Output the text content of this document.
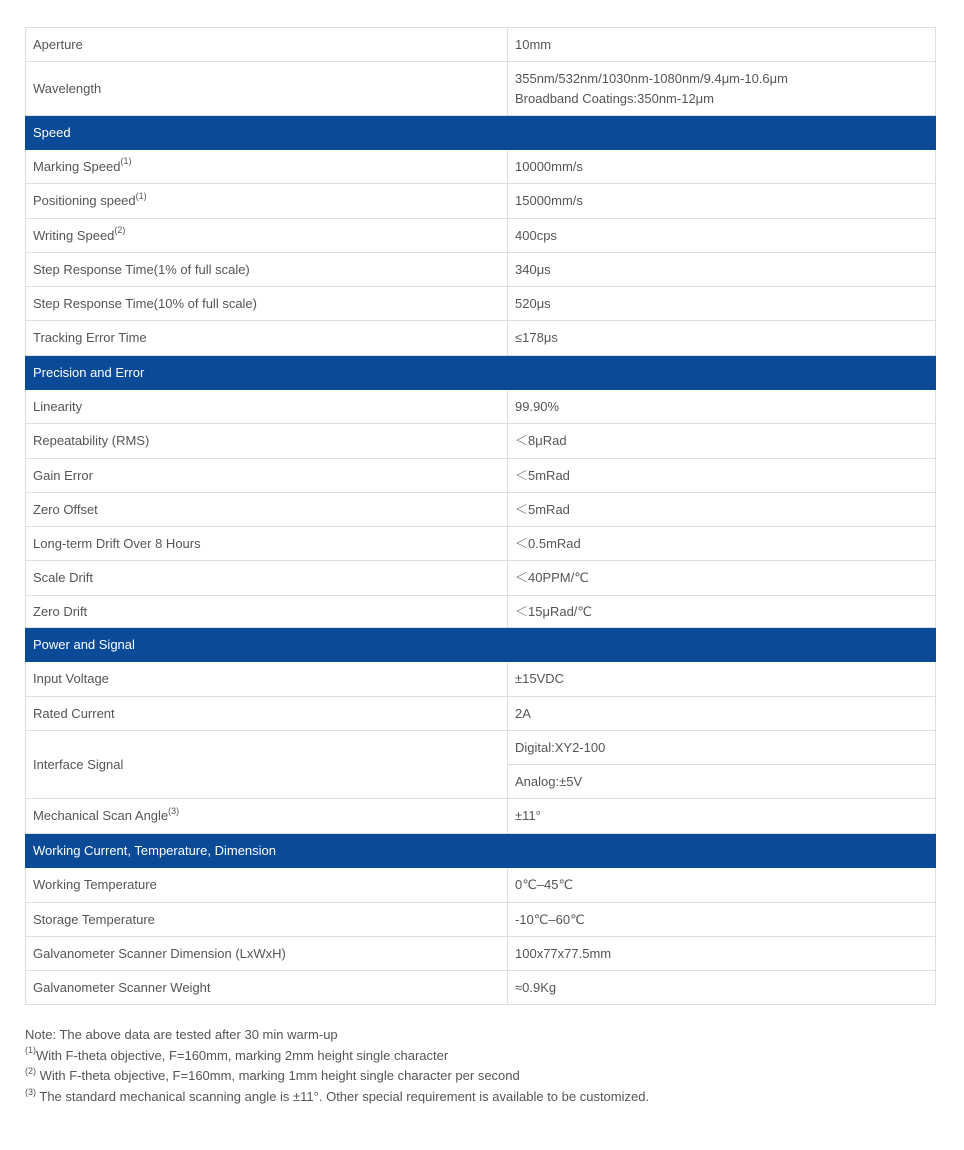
Aperture	10mm
Wavelength	355nm/532nm/1030nm-1080nm/9.4μm-10.6μm
Broadband Coatings:350nm-12μm

Speed	
Marking Speed$^{(1)}$	10000mm/s
Positioning speed$^{(1)}$	15000mm/s
Writing Speed$^{(2)}$	400cps
Step Response Time(1% of full scale)	340μs
Step Response Time(10% of full scale)	520μs
Tracking Error Time	≤178μs
Precision and Error	
Linearity	99.90%
Repeatability (RMS)	＜8μRad
Gain Error	＜5mRad
Zero Offset	＜5mRad
Long-term Drift Over 8 Hours	＜0.5mRad
Scale Drift	＜40PPM/℃
Zero Drift	＜15μRad/℃
Power and Signal	
Input Voltage	±15VDC
Rated Current	2A
Interface Signal	Digital:XY2-100
	Analog:±5V
Mechanical Scan Angle$^{(3)}$	±11°
Working Current, Temperature, Dimension	
Working Temperature	0℃–45℃
Storage Temperature	-10℃–60℃
Galvanometer Scanner Dimension (LxWxH)	100x77x77.5mm
Galvanometer Scanner Weight	≈0.9Kg

Note: The above data are tested after 30 min warm-up

$^{(1)}$With F-theta objective, F=160mm, marking 2mm height single character

$^{(2)}$ With F-theta objective, F=160mm, marking 1mm height single character per second

$^{(3)}$ The standard mechanical scanning angle is ±11°. Other special requirement is available to be customized.
